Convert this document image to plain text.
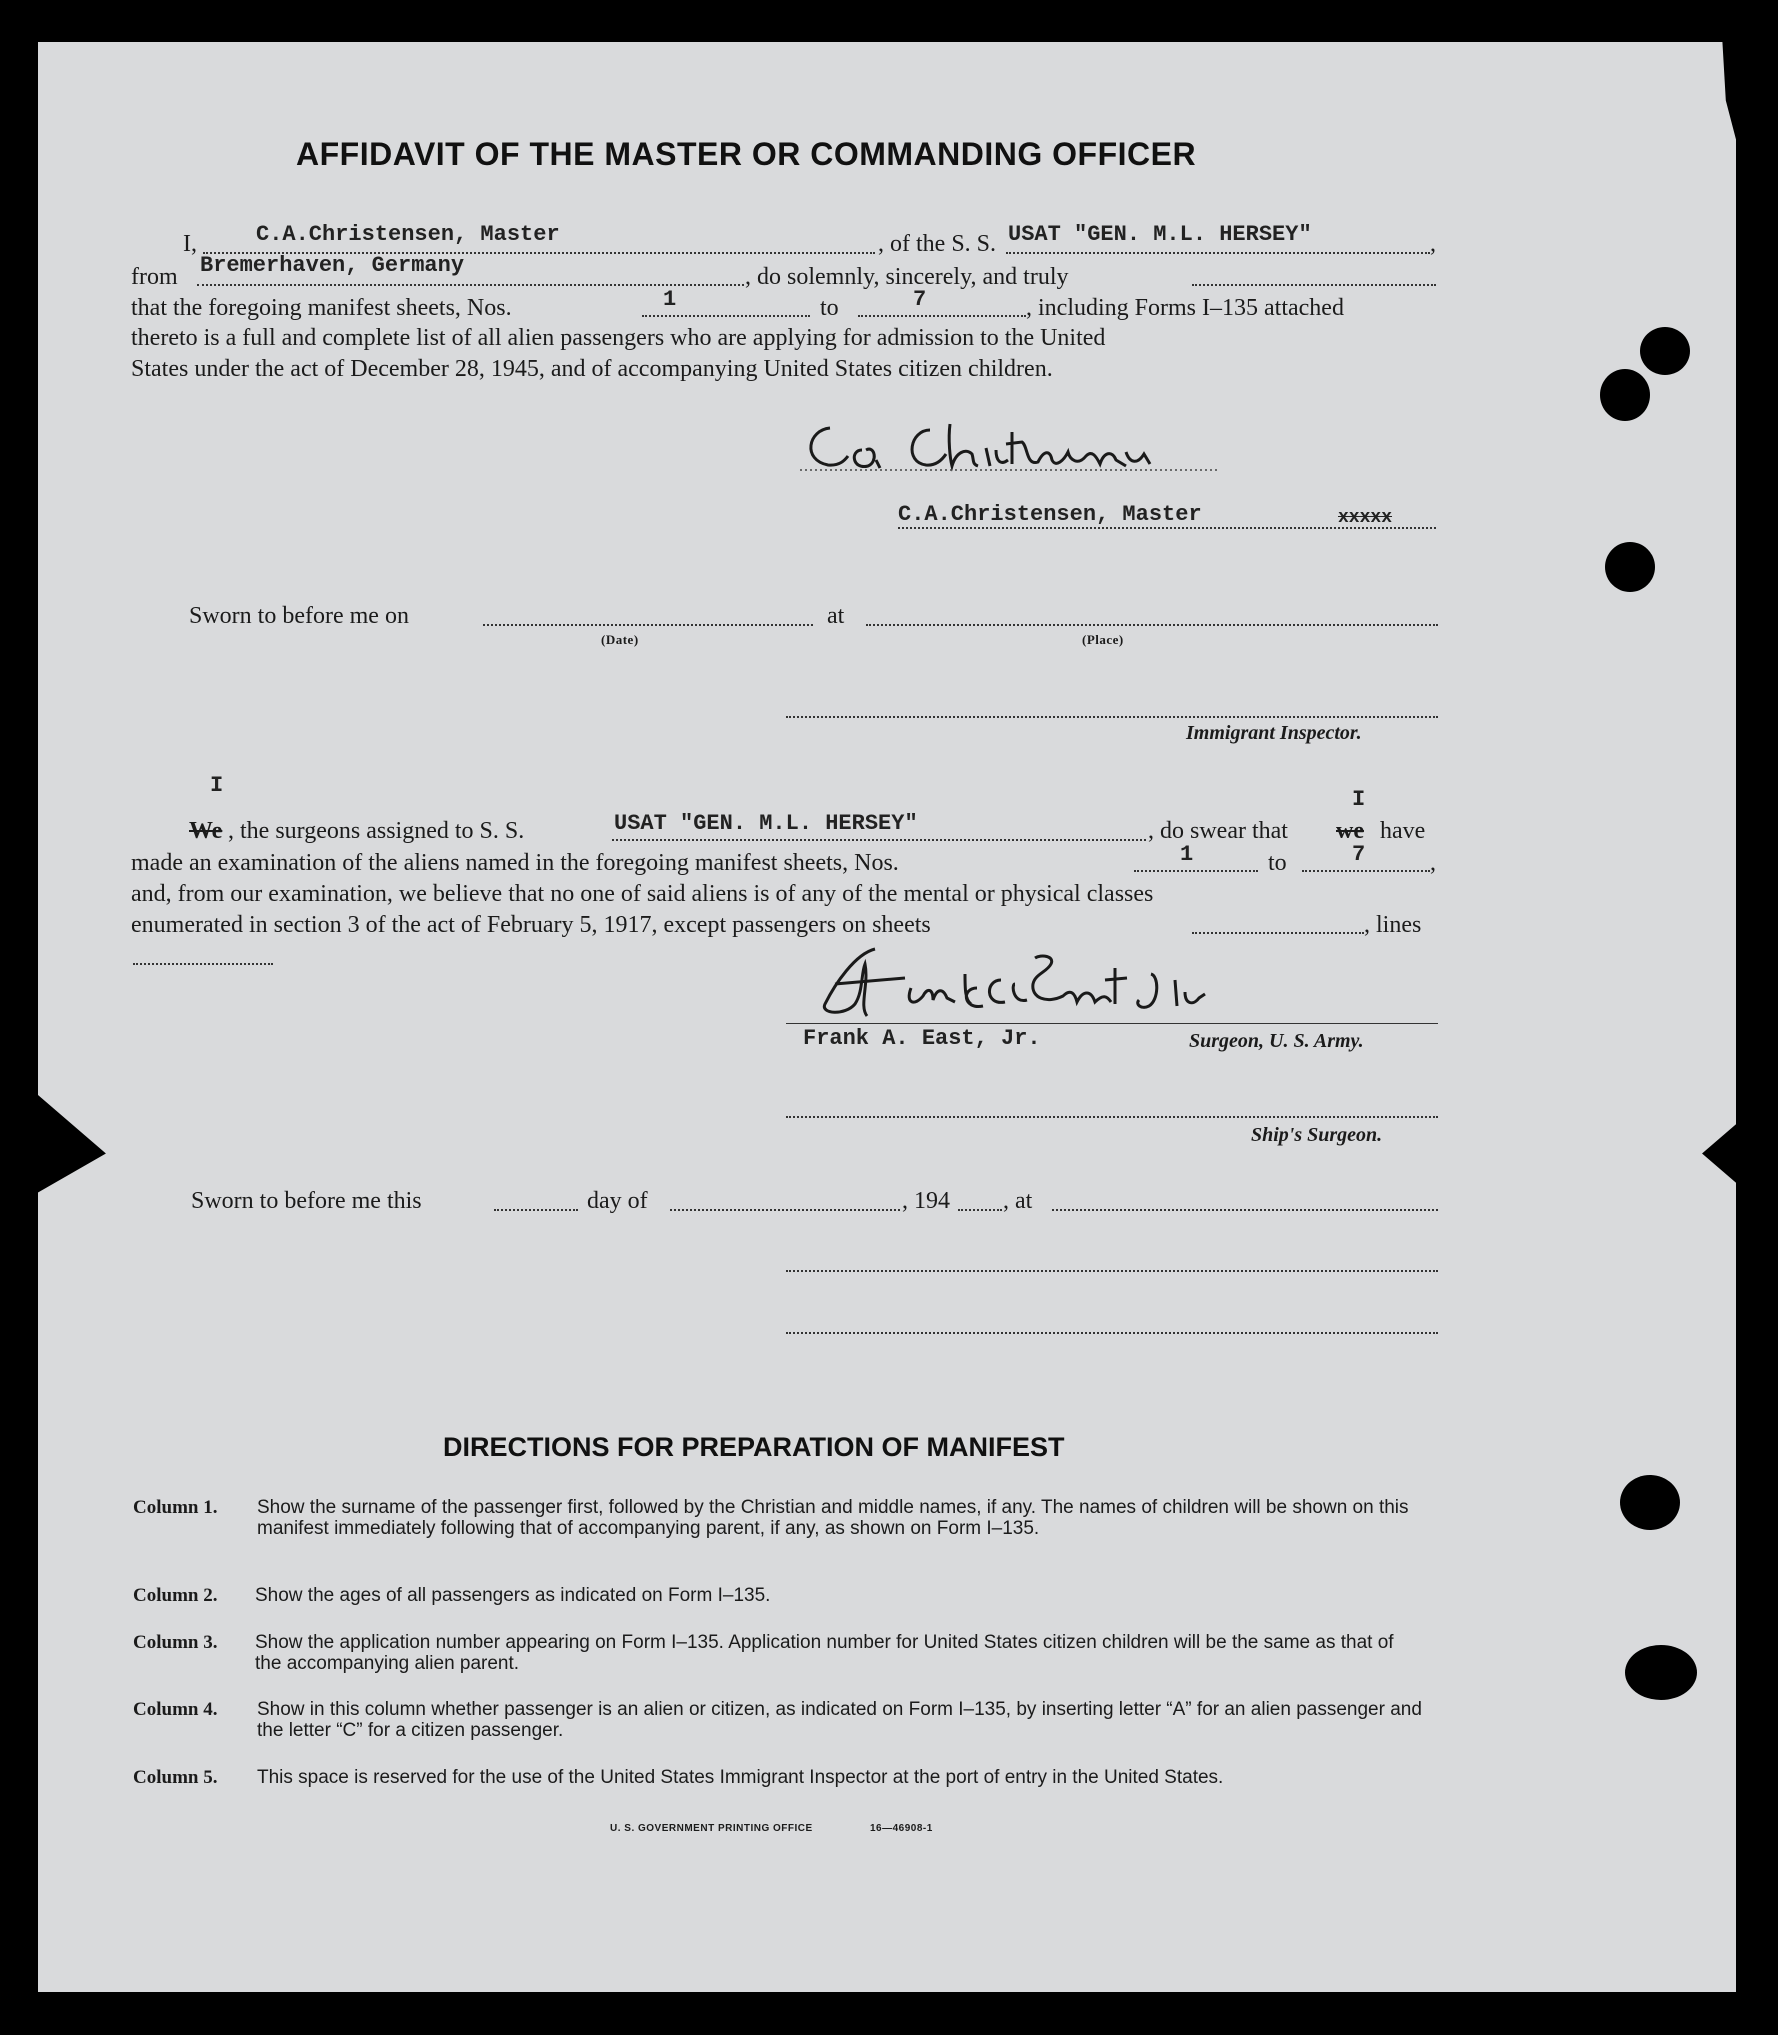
AFFIDAVIT OF THE MASTER OR COMMANDING OFFICER
I,	C.A.Christensen, Master	, of the S. S. USAT "GEN. M.L. HERSEY"	,
from Bremerhaven, Germany	, do solemnly, sincerely, and truly
that the foregoing manifest sheets, Nos.	1	to	7	, including Forms I–135 attached
thereto is a full and complete list of all alien passengers who are applying for admission to the United
States under the act of December 28, 1945, and of accompanying United States citizen children.
C.A.Christensen, Master	xxxxx
Sworn to before me on
(Date)
at
(Place)
Immigrant Inspector.
I
We , the surgeons assigned to S. S.	USAT "GEN. M.L. HERSEY"	, do swear that
I
we have
made an examination of the aliens named in the foregoing manifest sheets, Nos.	1	to	7	,
and, from our examination, we believe that no one of said aliens is of any of the mental or physical classes
enumerated in section 3 of the act of February 5, 1917, except passengers on sheets	, lines
Frank A. East, Jr.	Surgeon, U. S. Army.
Ship's Surgeon.
Sworn to before me this	day of	, 194 , at
DIRECTIONS FOR PREPARATION OF MANIFEST
Column 1. Show the surname of the passenger first, followed by the Christian and middle names, if any. The names of children will be shown on this manifest immediately following that of accompanying parent, if any, as shown on Form I–135.
Column 2. Show the ages of all passengers as indicated on Form I–135.
Column 3. Show the application number appearing on Form I–135. Application number for United States citizen children will be the same as that of the accompanying alien parent.
Column 4. Show in this column whether passenger is an alien or citizen, as indicated on Form I–135, by inserting letter “A” for an alien passenger and the letter “C” for a citizen passenger.
Column 5. This space is reserved for the use of the United States Immigrant Inspector at the port of entry in the United States.
U. S. GOVERNMENT PRINTING OFFICE	16—46908-1
